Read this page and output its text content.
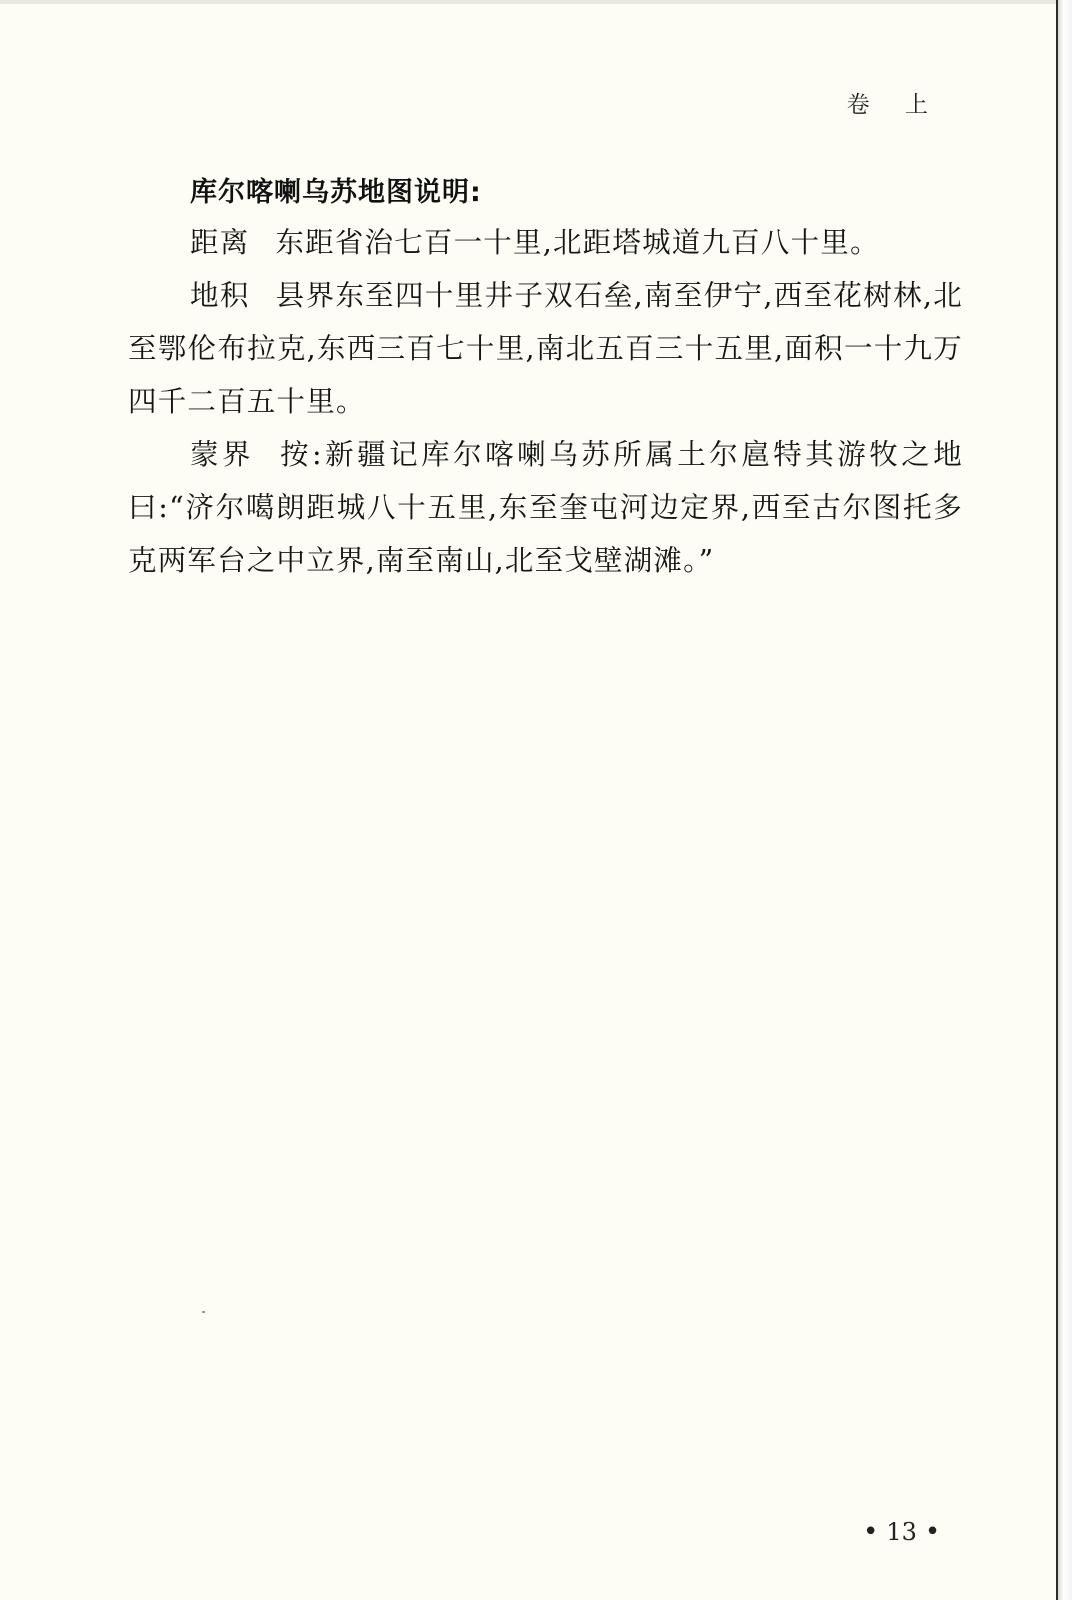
卷 上
库尔喀喇乌苏地图说明:

距离 东距省治七百一十里,北距塔城道九百八十里。

地积 县界东至四十里井子双石垒,南至伊宁,西至花树林,北至鄂伦布拉克,东西三百七十里,南北五百三十五里,面积一十九万四千二百五十里。

蒙界 按:新疆记库尔喀喇乌苏所属土尔扈特其游牧之地曰:“济尔噶朗距城八十五里,东至奎屯河边定界,西至古尔图托多克两军台之中立界,南至南山,北至戈壁湖滩。”

• 13 •
